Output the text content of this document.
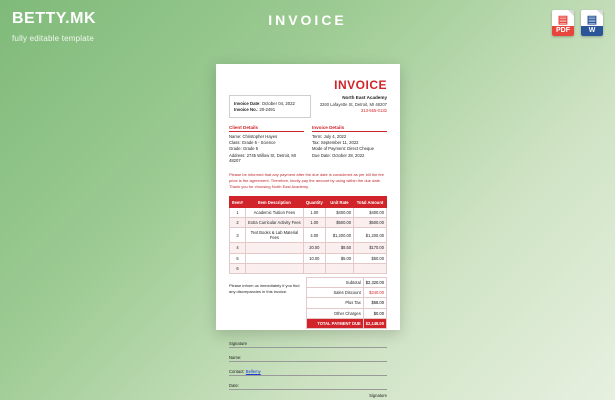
BETTY.MK
fully editable template
INVOICE	▤
PDF
▤
W
INVOICE
North East Academy
3260 Lafayette St, Detroit, MI 48207
313-555-0132
Invoice Date: October 04, 2022
Invoice No.: 20-2491
Client Details
Name: Christopher Hayes
Class: Grade 5 - Science
Grade: Grade 5
Address: 2745 Willow St, Detroit, MI 48207
Invoice Details
Term: July 4, 2022
Tax: September 11, 2022
Mode of Payment: Direct Cheque
Due Date: October 28, 2022
Please be informed that any payment after the due date is considered as per bill the fee price is the agreement. Therefore, kindly pay the amount by using within the due date. Thank you for choosing North East Academy.
Item#	Item Description	Quantity	Unit Rate	Total Amount
1	Academic Tuition Fees	1.00	$400.00	$400.00
2	Extra Curricular Activity Fees	1.00	$500.00	$500.00
3	Text Books & Lab Material Fees	4.00	$1,200.00	$1,200.00
4		20.00	$8.50	$170.00
5		10.00	$5.00	$50.00
6				
Please inform us immediately if you find any discrepancies in this invoice.
Subtotal	$2,320.00
Sales Discount	$240.00
Plus Tax	$68.00
Other Charges	$0.00
TOTAL PAYMENT DUE	$2,148.00
Signature
Name:
Contact: Bellemy
Date:
Signature
